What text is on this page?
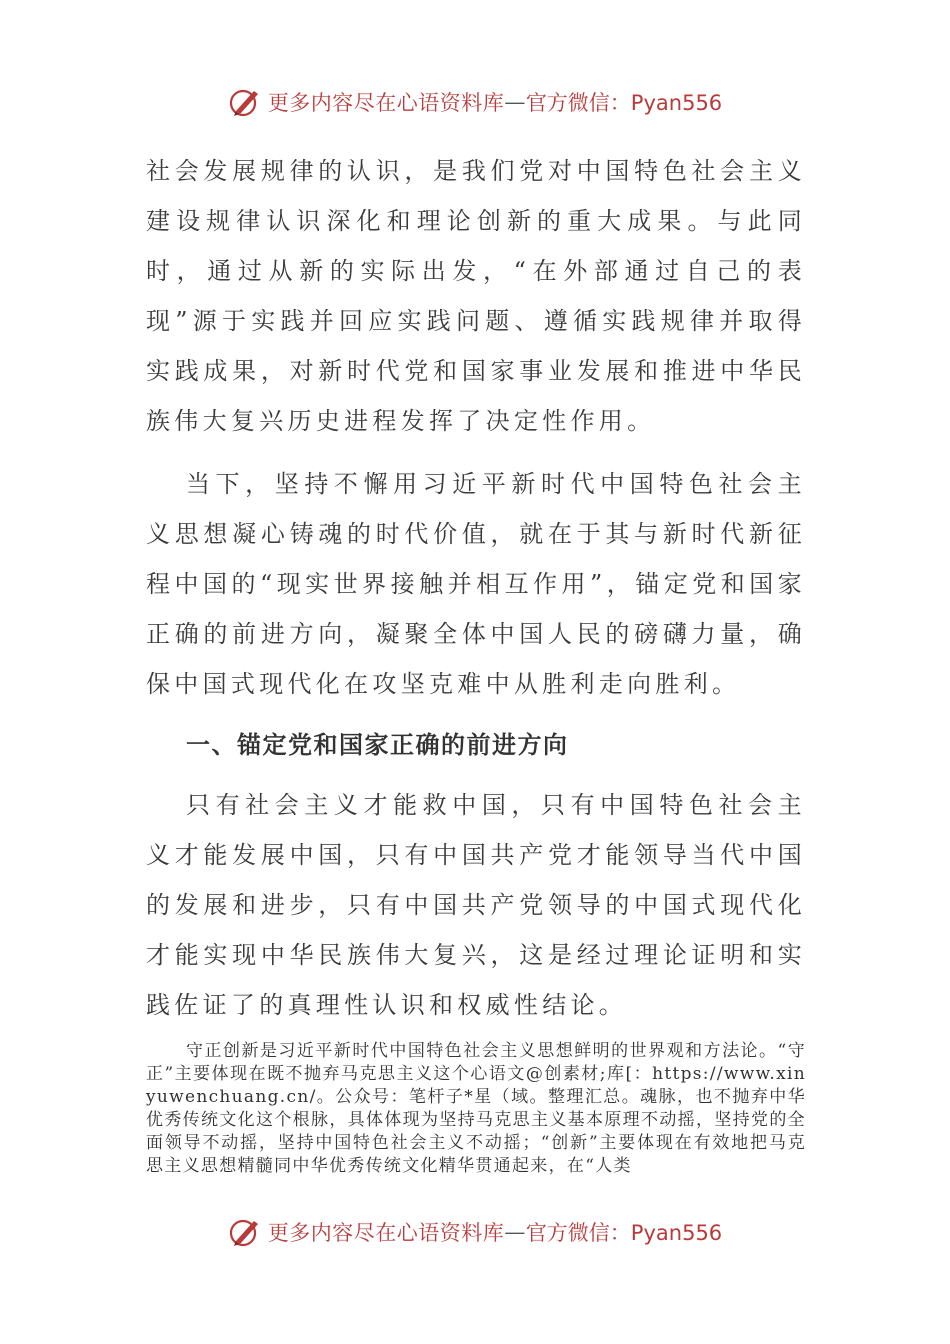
更多内容尽在心语资料库 — 官方微信：Pyan556

社会发展规律的认识，是我们党对中国特色社会主义建设规律认识深化和理论创新的重大成果。与此同时，通过从新的实际出发，“在外部通过自己的表现”源于实践并回应实践问题、遵循实践规律并取得实践成果，对新时代党和国家事业发展和推进中华民族伟大复兴历史进程发挥了决定性作用。

当下，坚持不懈用习近平新时代中国特色社会主义思想凝心铸魂的时代价值，就在于其与新时代新征程中国的“现实世界接触并相互作用”，锚定党和国家正确的前进方向，凝聚全体中国人民的磅礴力量，确保中国式现代化在攻坚克难中从胜利走向胜利。

一、锚定党和国家正确的前进方向

只有社会主义才能救中国，只有中国特色社会主义才能发展中国，只有中国共产党才能领导当代中国的发展和进步，只有中国共产党领导的中国式现代化才能实现中华民族伟大复兴，这是经过理论证明和实践佐证了的真理性认识和权威性结论。

守正创新是习近平新时代中国特色社会主义思想鲜明的世界观和方法论。“守正”主要体现在既不抛弃马克思主义这个心语文@创素材;库[：https://www.xinyuwenchuang.cn/。公众号：笔杆子*星（域。整理汇总。魂脉，也不抛弃中华优秀传统文化这个根脉，具体体现为坚持马克思主义基本原理不动摇，坚持党的全面领导不动摇，坚持中国特色社会主义不动摇；“创新”主要体现在有效地把马克思主义思想精髓同中华优秀传统文化精华贯通起来，在“人类

更多内容尽在心语资料库 — 官方微信：Pyan556
